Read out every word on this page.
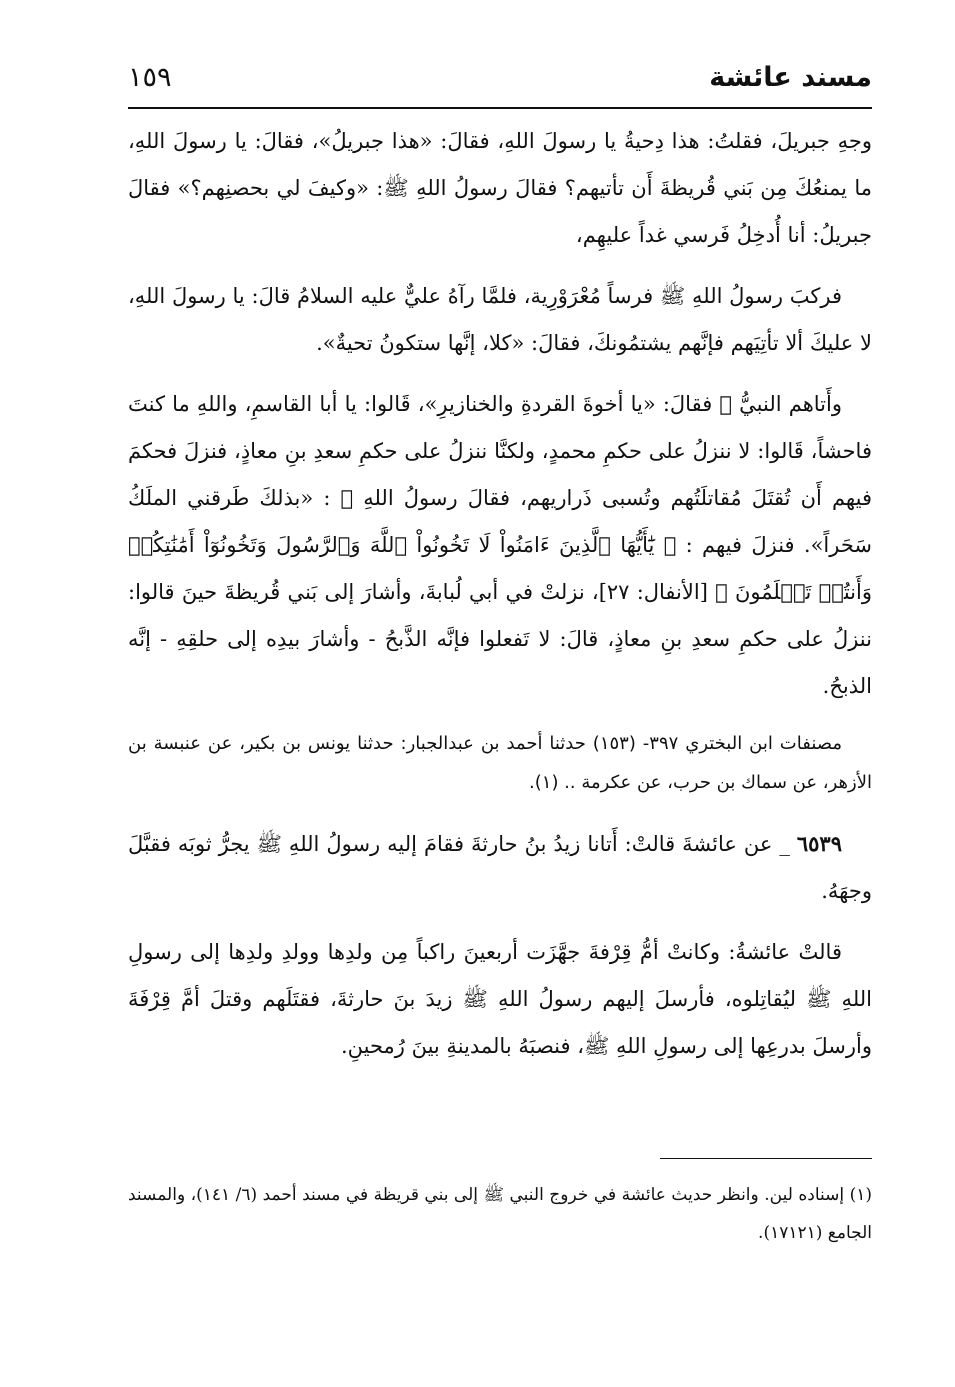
مسند عائشة
١٥٩

وجهِ جبريلَ، فقلتُ: هذا دِحيةُ يا رسولَ اللهِ، فقالَ: «هذا جبريلُ»، فقالَ: يا رسولَ اللهِ، ما يمنعُكَ مِن بَني قُريظةَ أَن تأتيهم؟ فقالَ رسولُ اللهِ ﷺ: «وكيفَ لي بحصنِهم؟» فقالَ جبريلُ: أنا أُدخِلُ فَرسي غداً عليهِم،

فركبَ رسولُ اللهِ ﷺ فرساً مُعْرَوْرِية، فلمَّا رآهُ عليٌّ عليه السلامُ قالَ: يا رسولَ اللهِ، لا عليكَ ألا تأتِيَهم فإنَّهم يشتمُونكَ، فقالَ: «كلا، إنَّها ستكونُ تحيةٌ».

وأَتاهم النبيُّ ﷺ فقالَ: «يا أخوةَ القردةِ والخنازيرِ»، قَالوا: يا أبا القاسمِ، واللهِ ما كنتَ فاحشاً، قَالوا: لا ننزلُ على حكمِ محمدٍ، ولكنَّا ننزلُ على حكمِ سعدِ بنِ معاذٍ، فنزلَ فحكمَ فيهم أَن تُقتَلَ مُقاتلَتُهم وتُسبى ذَراريهم، فقالَ رسولُ اللهِ ﷺ : «بذلكَ طَرقني الملَكُ سَحَراً». فنزلَ فيهم : ﴿ يَٰٓأَيُّهَا ٱلَّذِينَ ءَامَنُواْ لَا تَخُونُواْ ٱللَّهَ وَٱلرَّسُولَ وَتَخُونُوٓاْ أَمَٰنَٰتِكُمۡ وَأَنتُمۡ تَعۡلَمُونَ ﴾ [الأنفال: ٢٧]، نزلتْ في أبي لُبابةَ، وأشارَ إلى بَني قُريظةَ حينَ قالوا: ننزلُ على حكمِ سعدِ بنِ معاذٍ، قالَ: لا تَفعلوا فإنَّه الذَّبحُ - وأشارَ بيدِه إلى حلقِهِ - إنَّه الذبحُ.

مصنفات ابن البختري ٣٩٧- (١٥٣) حدثنا أحمد بن عبدالجبار: حدثنا يونس بن بكير، عن عنبسة بن الأزهر، عن سماك بن حرب، عن عكرمة .. (١).

٦٥٣٩ _ عن عائشةَ قالتْ: أَتانا زيدُ بنُ حارثةَ فقامَ إليه رسولُ اللهِ ﷺ يجرُّ ثوبَه فقبَّلَ وجهَهُ.

قالتْ عائشةُ: وكانتْ أمُّ قِرْفةَ جهَّزَت أربعينَ راكباً مِن ولدِها وولدِ ولدِها إلى رسولِ اللهِ ﷺ ليُقاتِلوه، فأرسلَ إليهم رسولُ اللهِ ﷺ زيدَ بنَ حارثةَ، فقتَلَهم وقتلَ أمَّ قِرْفَةَ وأرسلَ بدرعِها إلى رسولِ اللهِ ﷺ، فنصبَهُ بالمدينةِ بينَ رُمحينِ.

(١) إسناده لين. وانظر حديث عائشة في خروج النبي ﷺ إلى بني قريظة في مسند أحمد (٦/ ١٤١)، والمسند الجامع (١٧١٢١).
